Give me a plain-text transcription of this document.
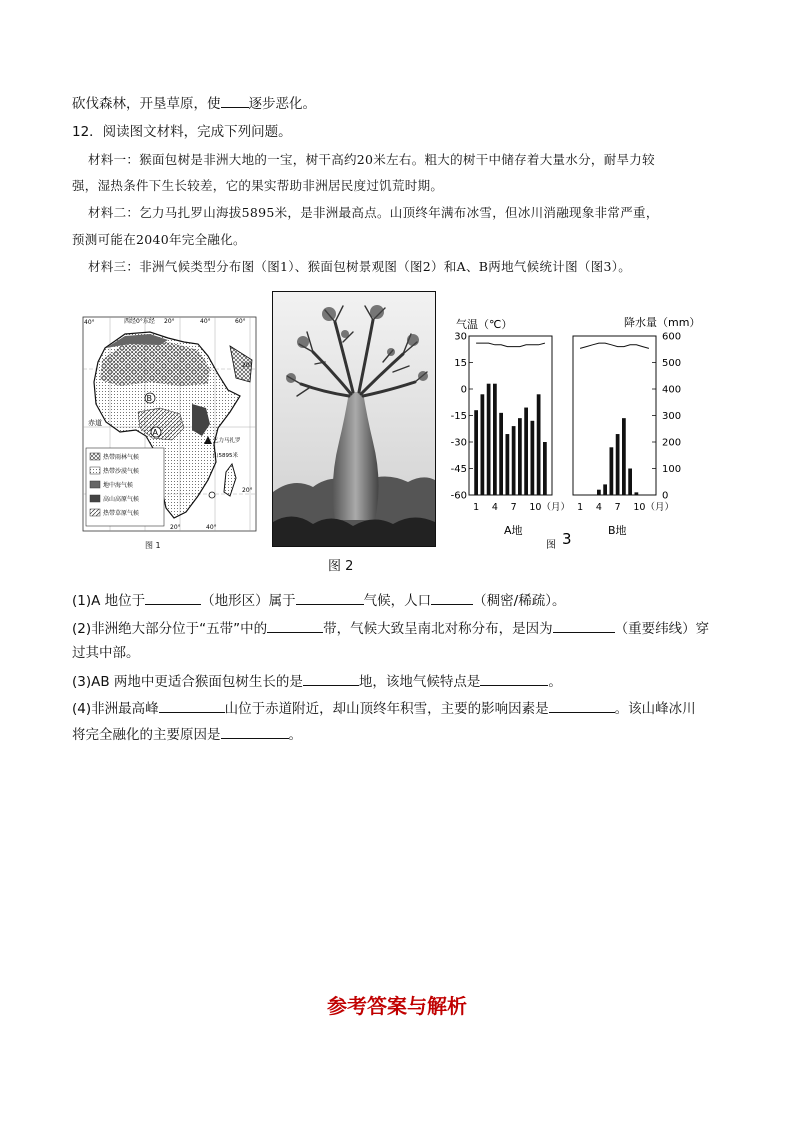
砍伐森林，开垦草原，使 逐步恶化。
12．阅读图文材料，完成下列问题。
材料一：猴面包树是非洲大地的一宝，树干高约20米左右。粗大的树干中储存着大量水分，耐旱力较
强，湿热条件下生长较差，它的果实帮助非洲居民度过饥荒时期。
材料二：乞力马扎罗山海拔5895米，是非洲最高点。山顶终年满布冰雪，但冰川消融现象非常严重，
预测可能在2040年完全融化。
材料三：非洲气候类型分布图（图1）、猴面包树景观图（图2）和A、B两地气候统计图（图3）。
40°	西经0°东经 20°	40°	60°
20°
20°
20°	40°
赤道
B
A
乞力马扎罗
山5895米
热带雨林气候
热带沙漠气候
地中海气候
高山高原气候
热带草原气候
图 1
图 2
气温（℃）	降水量（mm）
30
15
0
-15
-30
-45
-60
600
500
400
300
200
100
0
1 4 7 10（月） 1 4 7 10（月）
A地	B地
图 3
(1)A 地位于	（地形区）属于	气候，人口	（稠密/稀疏）。
(2)非洲绝大部分位于“五带”中的	带，气候大致呈南北对称分布，是因为	（重要纬线）穿
过其中部。
(3)AB 两地中更适合猴面包树生长的是	地，该地气候特点是	。
(4)非洲最高峰	山位于赤道附近，却山顶终年积雪，主要的影响因素是	。该山峰冰川
将完全融化的主要原因是	。
参考答案与解析
